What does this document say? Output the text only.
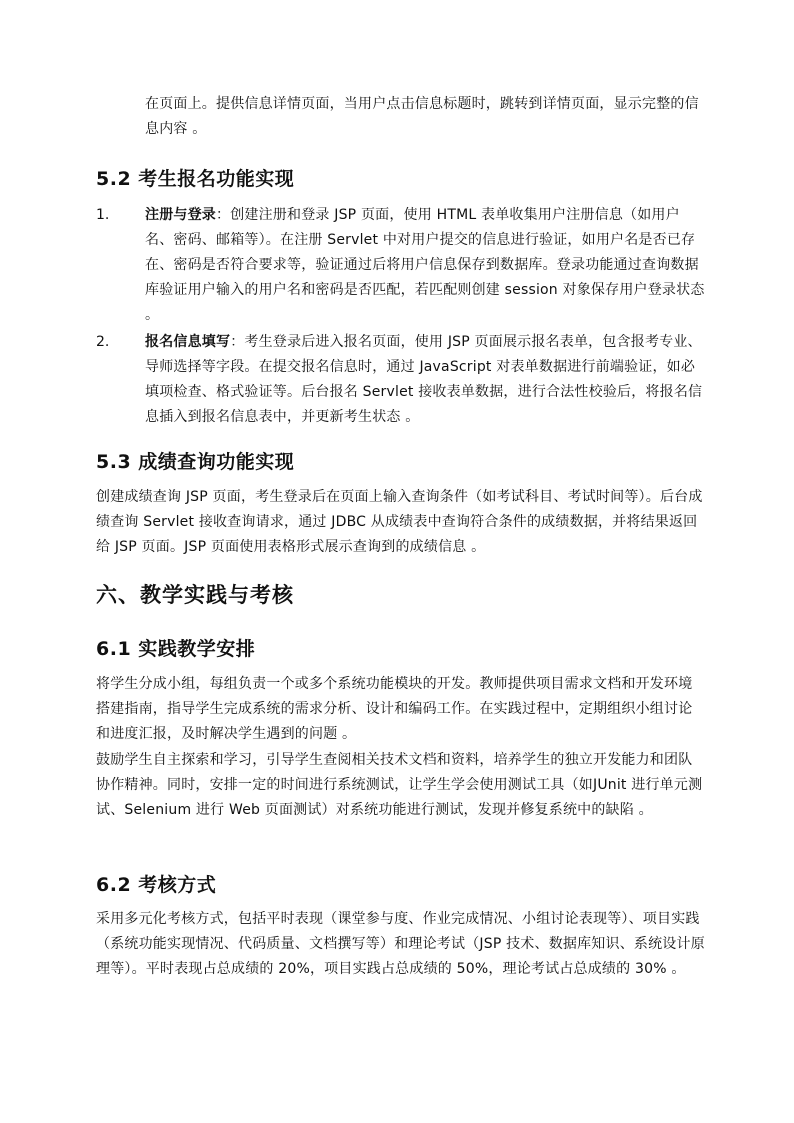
在页面上。提供信息详情页面，当用户点击信息标题时，跳转到详情页面，显示完整的信息内容 。

5.2 考生报名功能实现
1.	注册与登录：创建注册和登录 JSP 页面，使用 HTML 表单收集用户注册信息（如用户名、密码、邮箱等）。在注册 Servlet 中对用户提交的信息进行验证，如用户名是否已存在、密码是否符合要求等，验证通过后将用户信息保存到数据库。登录功能通过查询数据库验证用户输入的用户名和密码是否匹配，若匹配则创建 session 对象保存用户登录状态 。

2.	报名信息填写：考生登录后进入报名页面，使用 JSP 页面展示报名表单，包含报考专业、导师选择等字段。在提交报名信息时，通过 JavaScript 对表单数据进行前端验证，如必填项检查、格式验证等。后台报名 Servlet 接收表单数据，进行合法性校验后，将报名信息插入到报名信息表中，并更新考生状态 。

5.3 成绩查询功能实现

创建成绩查询 JSP 页面，考生登录后在页面上输入查询条件（如考试科目、考试时间等）。后台成绩查询 Servlet 接收查询请求，通过 JDBC 从成绩表中查询符合条件的成绩数据，并将结果返回给 JSP 页面。JSP 页面使用表格形式展示查询到的成绩信息 。

六、教学实践与考核
6.1 实践教学安排

将学生分成小组，每组负责一个或多个系统功能模块的开发。教师提供项目需求文档和开发环境搭建指南，指导学生完成系统的需求分析、设计和编码工作。在实践过程中，定期组织小组讨论和进度汇报，及时解决学生遇到的问题 。

鼓励学生自主探索和学习，引导学生查阅相关技术文档和资料，培养学生的独立开发能力和团队协作精神。同时，安排一定的时间进行系统测试，让学生学会使用测试工具（如JUnit 进行单元测试、Selenium 进行 Web 页面测试）对系统功能进行测试，发现并修复系统中的缺陷 。

6.2 考核方式

采用多元化考核方式，包括平时表现（课堂参与度、作业完成情况、小组讨论表现等）、项目实践（系统功能实现情况、代码质量、文档撰写等）和理论考试（JSP 技术、数据库知识、系统设计原理等）。平时表现占总成绩的 20%，项目实践占总成绩的 50%，理论考试占总成绩的 30% 。
